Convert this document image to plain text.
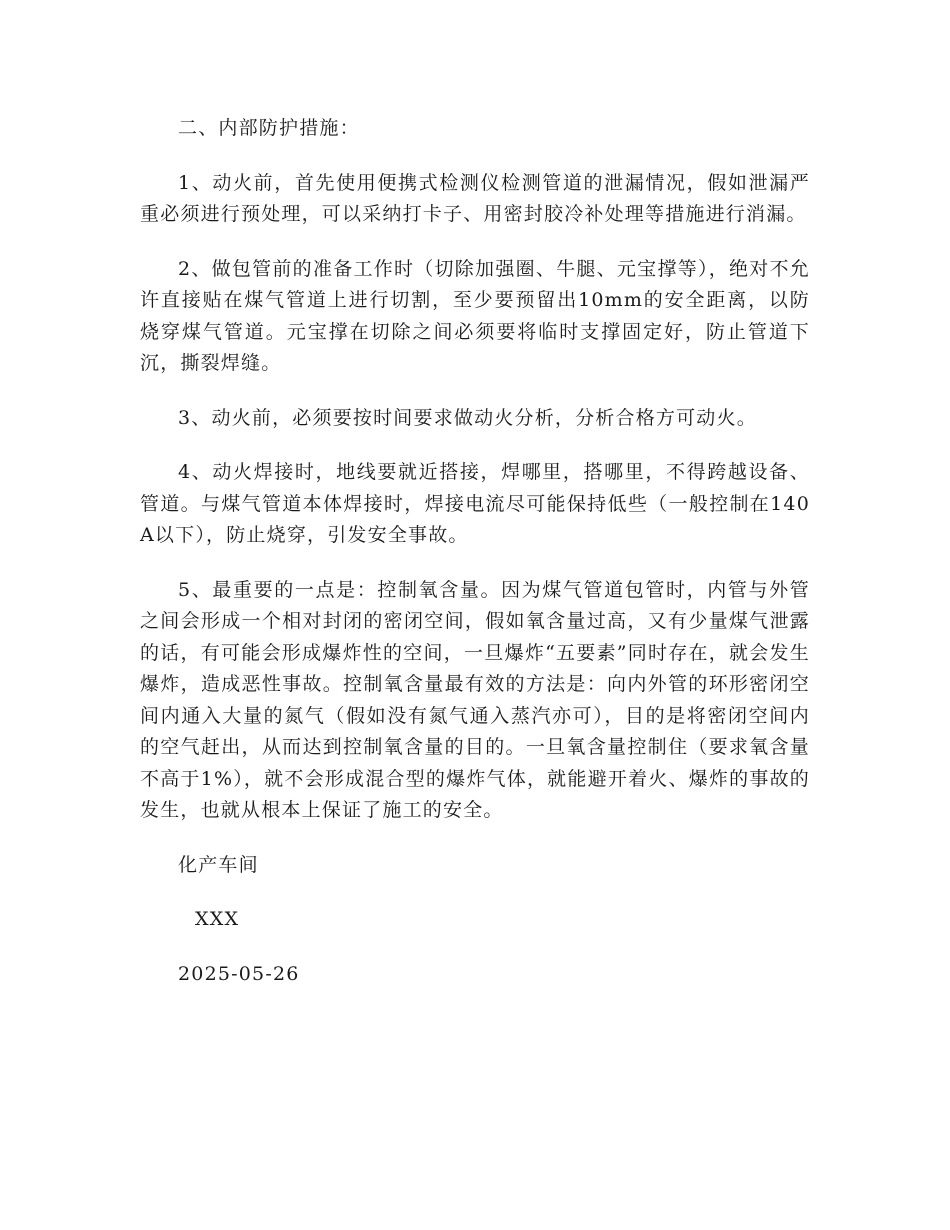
二、内部防护措施：

1、动火前，首先使用便携式检测仪检测管道的泄漏情况，假如泄漏严重必须进行预处理，可以采纳打卡子、用密封胶冷补处理等措施进行消漏。

2、做包管前的准备工作时（切除加强圈、牛腿、元宝撑等），绝对不允许直接贴在煤气管道上进行切割，至少要预留出10mm的安全距离，以防烧穿煤气管道。元宝撑在切除之间必须要将临时支撑固定好，防止管道下沉，撕裂焊缝。

3、动火前，必须要按时间要求做动火分析，分析合格方可动火。

4、动火焊接时，地线要就近搭接，焊哪里，搭哪里，不得跨越设备、管道。与煤气管道本体焊接时，焊接电流尽可能保持低些（一般控制在140A以下），防止烧穿，引发安全事故。

5、最重要的一点是：控制氧含量。因为煤气管道包管时，内管与外管之间会形成一个相对封闭的密闭空间，假如氧含量过高，又有少量煤气泄露的话，有可能会形成爆炸性的空间，一旦爆炸“五要素”同时存在，就会发生爆炸，造成恶性事故。控制氧含量最有效的方法是：向内外管的环形密闭空间内通入大量的氮气（假如没有氮气通入蒸汽亦可），目的是将密闭空间内的空气赶出，从而达到控制氧含量的目的。一旦氧含量控制住（要求氧含量不高于1%），就不会形成混合型的爆炸气体，就能避开着火、爆炸的事故的发生，也就从根本上保证了施工的安全。

化产车间

XXX

2025-05-26
